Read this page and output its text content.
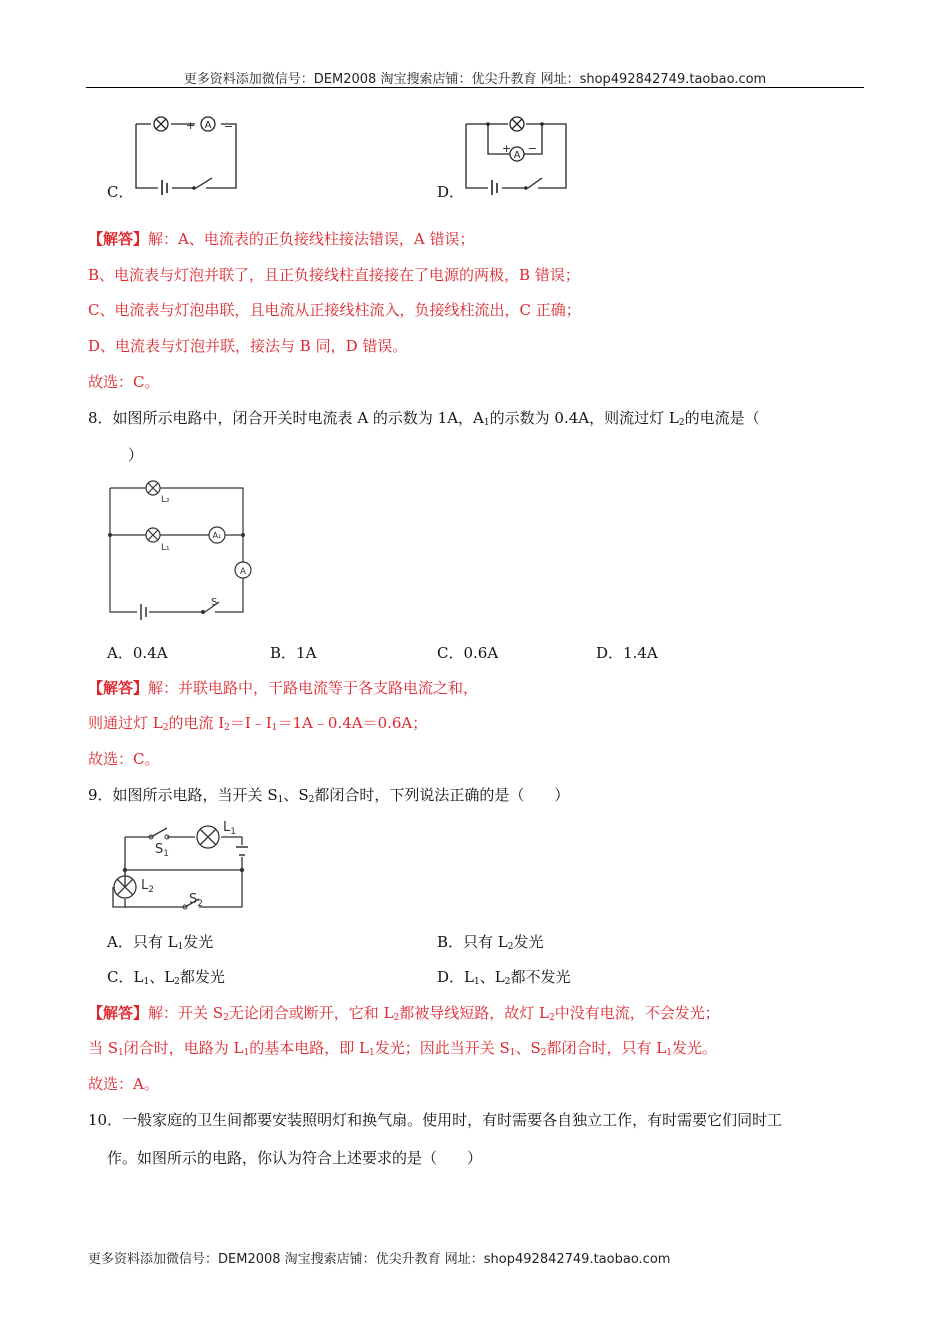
更多资料添加微信号：DEM2008 淘宝搜索店铺：优尖升教育 网址：shop492842749.taobao.com
C．
A
+	−
D．
A
+ −
【解答】解：A、电流表的正负接线柱接法错误，A 错误；
B、电流表与灯泡并联了，且正负接线柱直接接在了电源的两极，B 错误；
C、电流表与灯泡串联，且电流从正接线柱流入，负接线柱流出，C 正确；
D、电流表与灯泡并联，接法与 B 同，D 错误。
故选：C。
8．如图所示电路中，闭合开关时电流表 A 的示数为 1A，$A_1$的示数为 0.4A，则流过灯 $L_2$的电流是（
）
L₂
L₁
A₁
A
S
A．0.4A	B．1A	C．0.6A	D．1.4A
【解答】解：并联电路中，干路电流等于各支路电流之和，
则通过灯 $L_2$的电流 $I_2=I﹣I_1=1A﹣0.4A=0.6A$；
故选：C。
9．如图所示电路，当开关 $S_1$、$S_2$都闭合时，下列说法正确的是（　　）
$L_1$
$S_1$
$L_2$
$S_2$
A．只有 $L_1$发光	B．只有 $L_2$发光
C．$L_1$、$L_2$都发光	D．$L_1$、$L_2$都不发光
【解答】解：开关 $S_2$无论闭合或断开，它和 $L_2$都被导线短路，故灯 $L_2$中没有电流，不会发光；
当 $S_1$闭合时，电路为 $L_1$的基本电路，即 $L_1$发光；因此当开关 $S_1$、$S_2$都闭合时，只有 $L_1$发光。
故选：A。
10．一般家庭的卫生间都要安装照明灯和换气扇。使用时，有时需要各自独立工作，有时需要它们同时工
作。如图所示的电路，你认为符合上述要求的是（　　）
更多资料添加微信号：DEM2008 淘宝搜索店铺：优尖升教育 网址：shop492842749.taobao.com
